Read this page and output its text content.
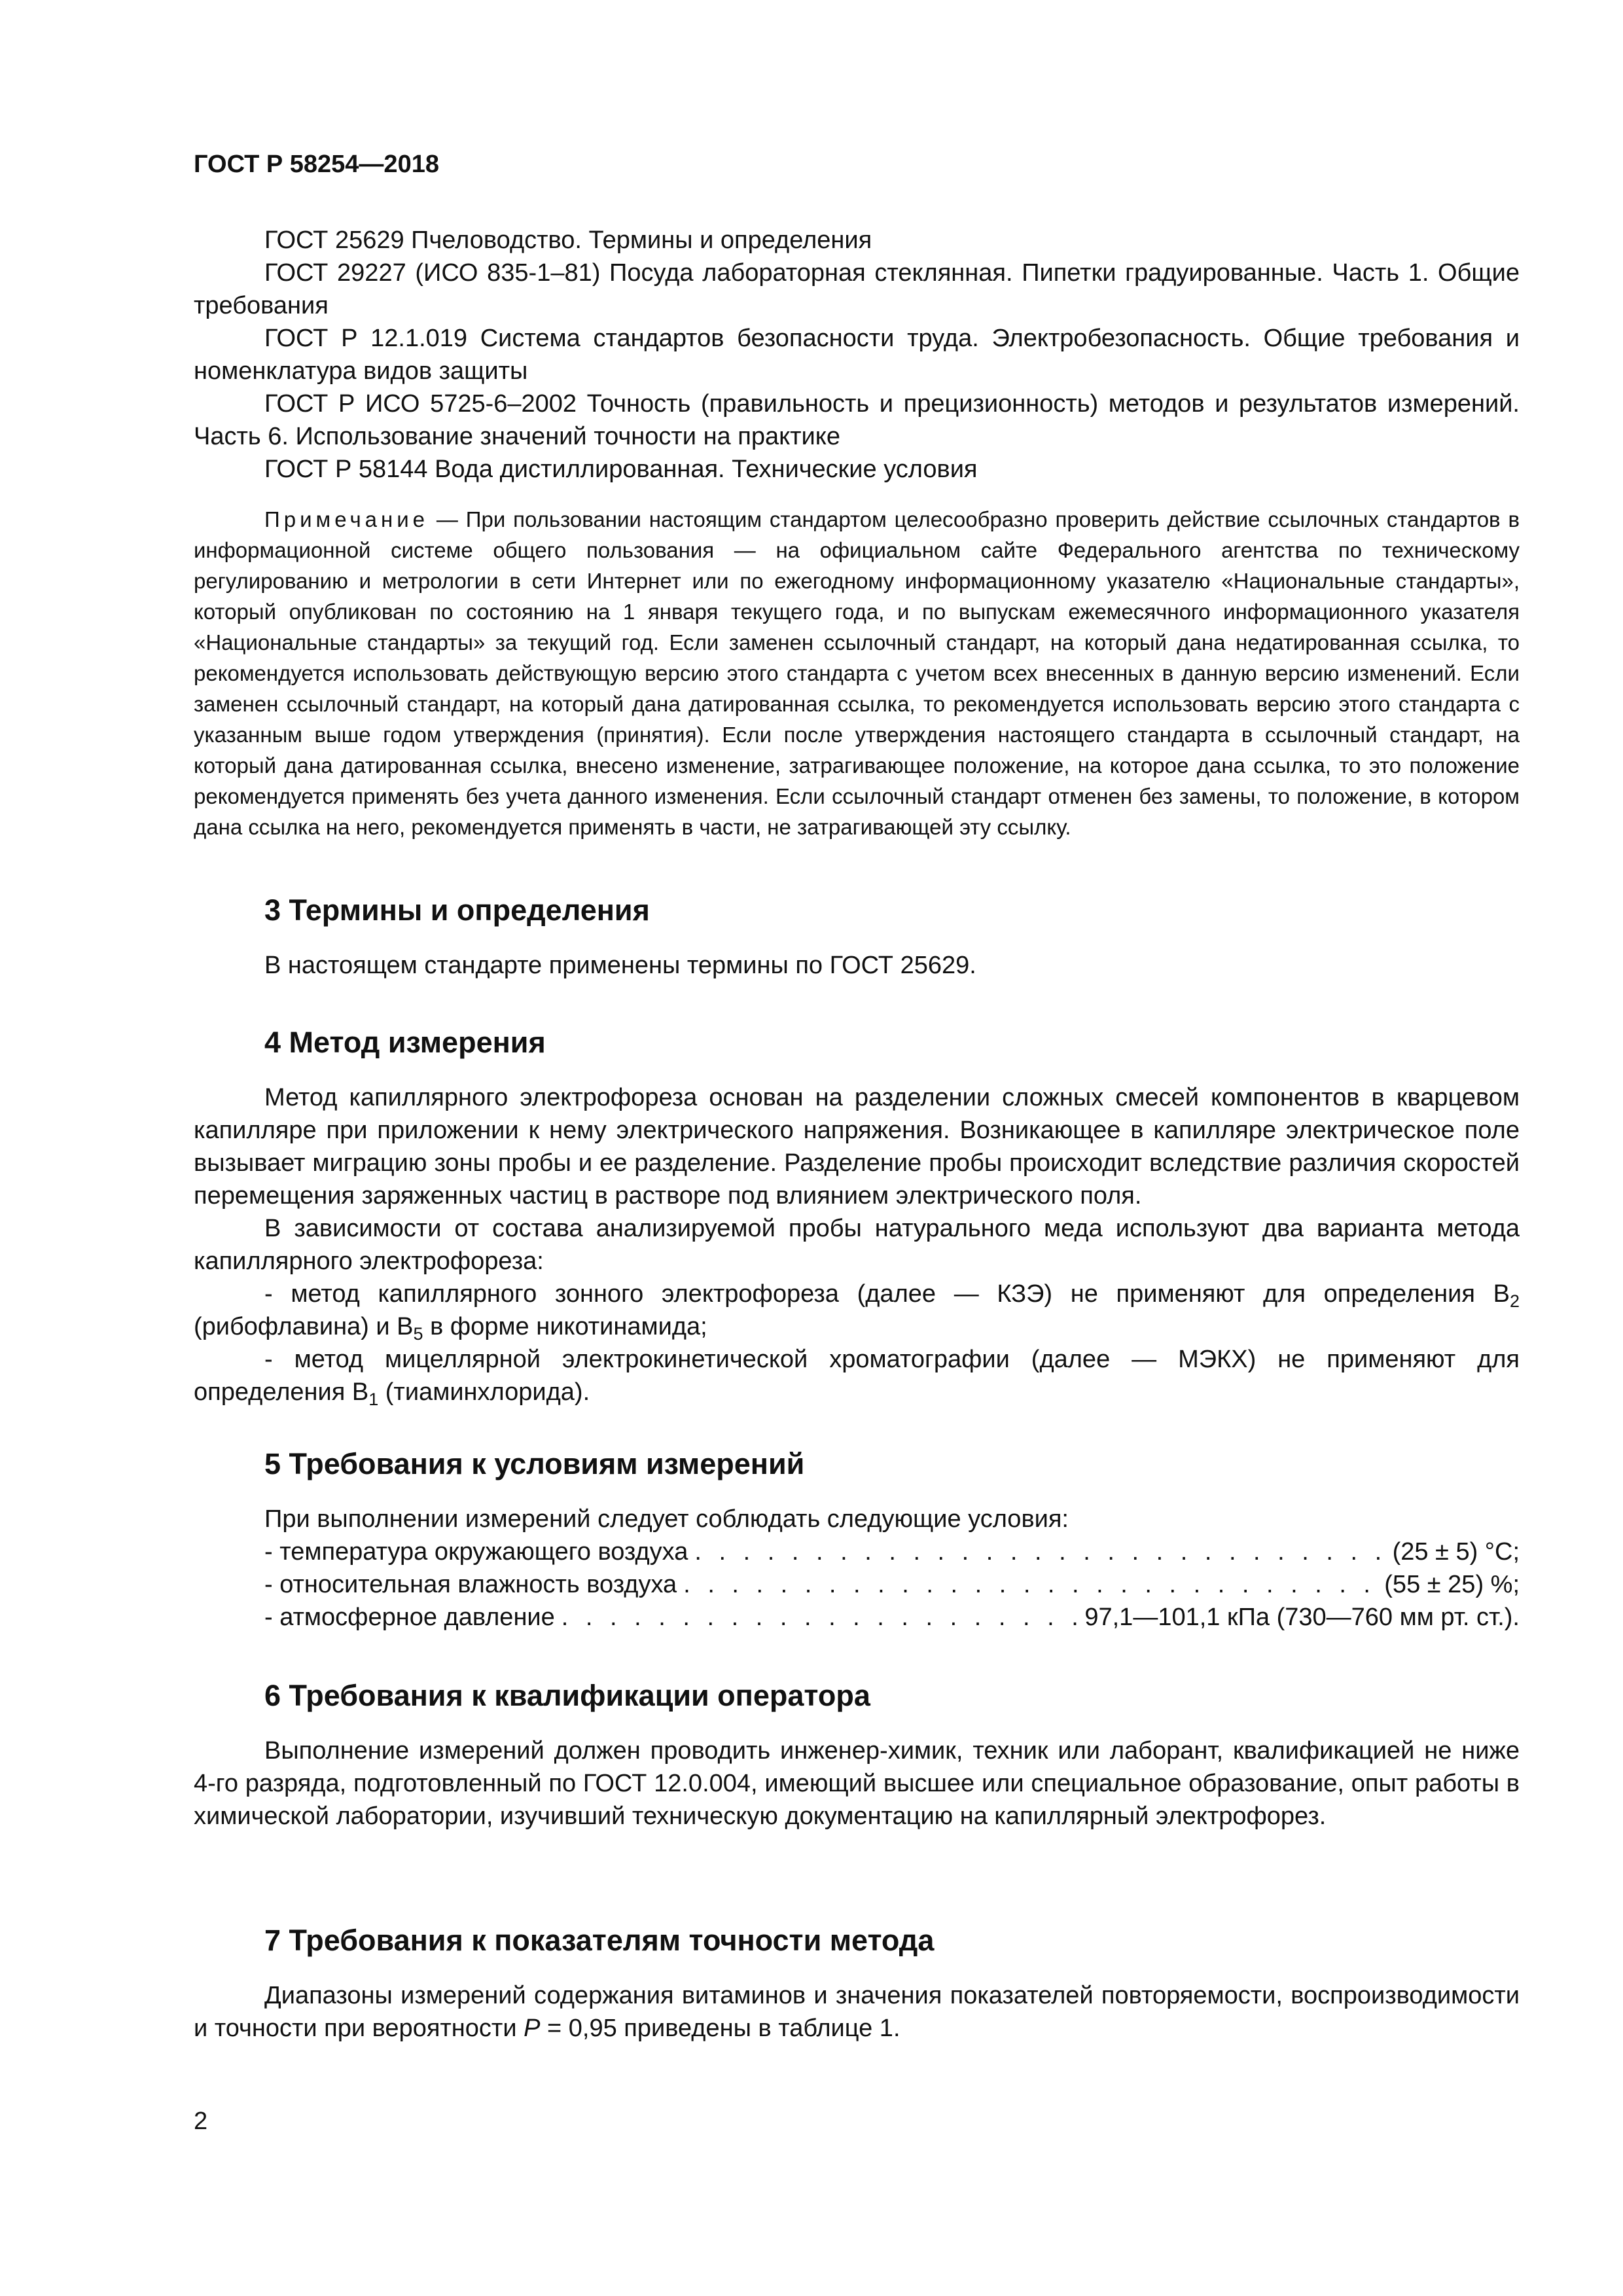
ГОСТ Р 58254—2018

ГОСТ 25629 Пчеловодство. Термины и определения

ГОСТ 29227 (ИСО 835-1–81) Посуда лабораторная стеклянная. Пипетки градуированные. Часть 1. Общие требования

ГОСТ Р 12.1.019 Система стандартов безопасности труда. Электробезопасность. Общие требования и номенклатура видов защиты

ГОСТ Р ИСО 5725-6–2002 Точность (правильность и прецизионность) методов и результатов измерений. Часть 6. Использование значений точности на практике

ГОСТ Р 58144 Вода дистиллированная. Технические условия

Примечание — При пользовании настоящим стандартом целесообразно проверить действие ссылочных стандартов в информационной системе общего пользования — на официальном сайте Федерального агентства по техническому регулированию и метрологии в сети Интернет или по ежегодному информационному указателю «Национальные стандарты», который опубликован по состоянию на 1 января текущего года, и по выпускам ежемесячного информационного указателя «Национальные стандарты» за текущий год. Если заменен ссылочный стандарт, на который дана недатированная ссылка, то рекомендуется использовать действующую версию этого стандарта с учетом всех внесенных в данную версию изменений. Если заменен ссылочный стандарт, на который дана датированная ссылка, то рекомендуется использовать версию этого стандарта с указанным выше годом утверждения (принятия). Если после утверждения настоящего стандарта в ссылочный стандарт, на который дана датированная ссылка, внесено изменение, затрагивающее положение, на которое дана ссылка, то это положение рекомендуется применять без учета данного изменения. Если ссылочный стандарт отменен без замены, то положение, в котором дана ссылка на него, рекомендуется применять в части, не затрагивающей эту ссылку.

3 Термины и определения

В настоящем стандарте применены термины по ГОСТ 25629.

4 Метод измерения

Метод капиллярного электрофореза основан на разделении сложных смесей компонентов в кварцевом капилляре при приложении к нему электрического напряжения. Возникающее в капилляре электрическое поле вызывает миграцию зоны пробы и ее разделение. Разделение пробы происходит вследствие различия скоростей перемещения заряженных частиц в растворе под влиянием электрического поля.

В зависимости от состава анализируемой пробы натурального меда используют два варианта метода капиллярного электрофореза:

- метод капиллярного зонного электрофореза (далее — КЗЭ) не применяют для определения $В_2$ (рибофлавина) и $В_5$ в форме никотинамида;

- метод мицеллярной электрокинетической хроматографии (далее — МЭКХ) не применяют для определения $В_1$ (тиаминхлорида).

5 Требования к условиям измерений

При выполнении измерений следует соблюдать следующие условия:

- температура окружающего воздуха . . .	(25 ± 5) °С;
- относительная влажность воздуха . . .	(55 ± 25) %;
- атмосферное давление . . .	97,1—101,1 кПа (730—760 мм рт. ст.).
6 Требования к квалификации оператора

Выполнение измерений должен проводить инженер-химик, техник или лаборант, квалификацией не ниже 4-го разряда, подготовленный по ГОСТ 12.0.004, имеющий высшее или специальное образование, опыт работы в химической лаборатории, изучивший техническую документацию на капиллярный электрофорез.

7 Требования к показателям точности метода

Диапазоны измерений содержания витаминов и значения показателей повторяемости, воспроизводимости и точности при вероятности Р = 0,95 приведены в таблице 1.

2
